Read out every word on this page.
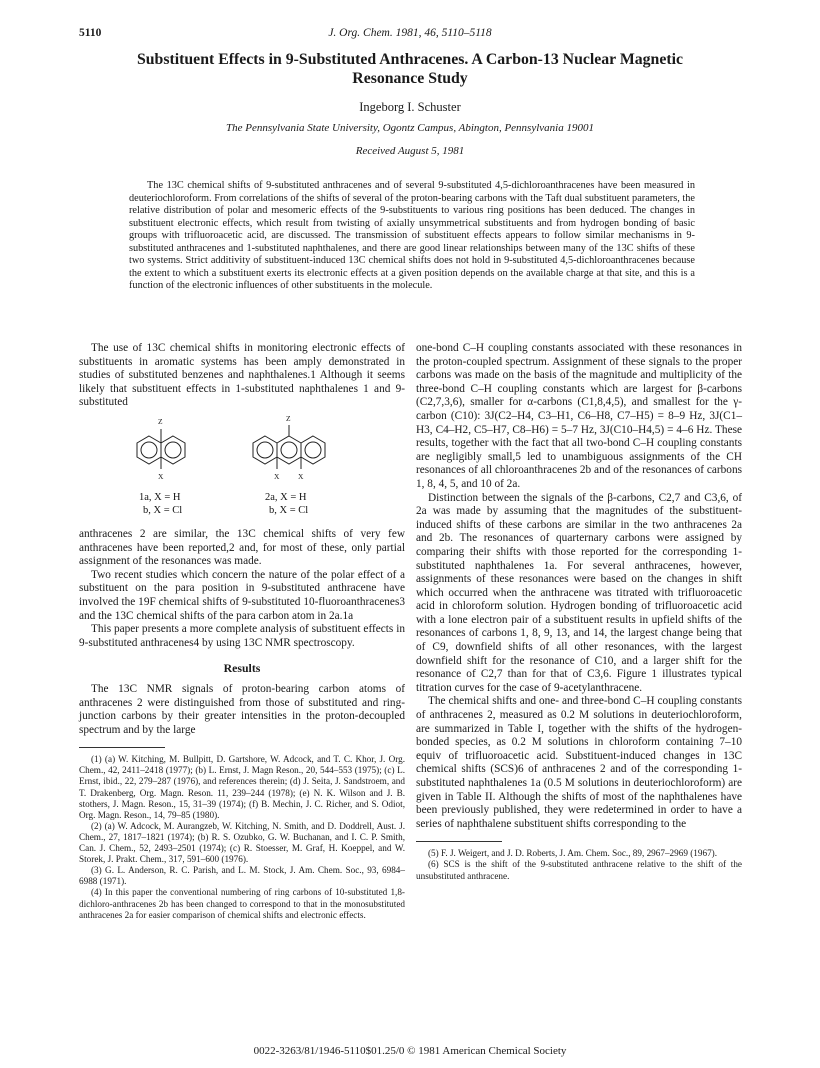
5110	J. Org. Chem. 1981, 46, 5110–5118
Substituent Effects in 9-Substituted Anthracenes. A Carbon-13 Nuclear Magnetic Resonance Study
Ingeborg I. Schuster
The Pennsylvania State University, Ogontz Campus, Abington, Pennsylvania 19001
Received August 5, 1981
The 13C chemical shifts of 9-substituted anthracenes and of several 9-substituted 4,5-dichloroanthracenes have been measured in deuteriochloroform. From correlations of the shifts of several of the proton-bearing carbons with the Taft dual substituent parameters, the relative distribution of polar and mesomeric effects of the 9-substituents to various ring positions has been deduced. The changes in substituent electronic effects, which result from twisting of axially unsymmetrical substituents and from hydrogen bonding of basic groups with trifluoroacetic acid, are discussed. The transmission of substituent effects appears to follow similar mechanisms in 9-substituted anthracenes and 1-substituted naphthalenes, and there are good linear relationships between many of the 13C shifts of these two systems. Strict additivity of substituent-induced 13C chemical shifts does not hold in 9-substituted 4,5-dichloroanthracenes because the extent to which a substituent exerts its electronic effects at a given position depends on the available charge at that site, and this is a function of the electronic influences of other substituents in the molecule.

The use of 13C chemical shifts in monitoring electronic effects of substituents in aromatic systems has been amply demonstrated in studies of substituted benzenes and naphthalenes.1 Although it seems likely that substituent effects in 1-substituted naphthalenes 1 and 9-substituted

Z
X
1a, X = H
b, X = Cl
Z
X X
2a, X = H
b, X = Cl

anthracenes 2 are similar, the 13C chemical shifts of very few anthracenes have been reported,2 and, for most of these, only partial assignment of the resonances was made.

Two recent studies which concern the nature of the polar effect of a substituent on the para position in 9-substituted anthracene have involved the 19F chemical shifts of 9-substituted 10-fluoroanthracenes3 and the 13C chemical shifts of the para carbon atom in 2a.1a

This paper presents a more complete analysis of substituent effects in 9-substituted anthracenes4 by using 13C NMR spectroscopy.

Results

The 13C NMR signals of proton-bearing carbon atoms of anthracenes 2 were distinguished from those of substituted and ring-junction carbons by their greater intensities in the proton-decoupled spectrum and by the large

(1) (a) W. Kitching, M. Bullpitt, D. Gartshore, W. Adcock, and T. C. Khor, J. Org. Chem., 42, 2411–2418 (1977); (b) L. Ernst, J. Magn Reson., 20, 544–553 (1975); (c) L. Ernst, ibid., 22, 279–287 (1976), and references therein; (d) J. Seita, J. Sandstroem, and T. Drakenberg, Org. Magn. Reson. 11, 239–244 (1978); (e) N. K. Wilson and J. B. stothers, J. Magn. Reson., 15, 31–39 (1974); (f) B. Mechin, J. C. Richer, and S. Odiot, Org. Magn. Reson., 14, 79–85 (1980).

(2) (a) W. Adcock, M. Aurangzeb, W. Kitching, N. Smith, and D. Doddrell, Aust. J. Chem., 27, 1817–1821 (1974); (b) R. S. Ozubko, G. W. Buchanan, and I. C. P. Smith, Can. J. Chem., 52, 2493–2501 (1974); (c) R. Stoesser, M. Graf, H. Koeppel, and W. Storek, J. Prakt. Chem., 317, 591–600 (1976).

(3) G. L. Anderson, R. C. Parish, and L. M. Stock, J. Am. Chem. Soc., 93, 6984–6988 (1971).

(4) In this paper the conventional numbering of ring carbons of 10-substituted 1,8-dichloro-anthracenes 2b has been changed to correspond to that in the monosubstituted anthracenes 2a for easier comparison of chemical shifts and electronic effects.

one-bond C–H coupling constants associated with these resonances in the proton-coupled spectrum. Assignment of these signals to the proper carbons was made on the basis of the magnitude and multiplicity of the three-bond C–H coupling constants which are largest for β-carbons (C2,7,3,6), smaller for α-carbons (C1,8,4,5), and smallest for the γ-carbon (C10): 3J(C2–H4, C3–H1, C6–H8, C7–H5) = 8–9 Hz, 3J(C1–H3, C4–H2, C5–H7, C8–H6) = 5–7 Hz, 3J(C10–H4,5) = 4–6 Hz. These results, together with the fact that all two-bond C–H coupling constants are negligibly small,5 led to unambiguous assignments of the CH resonances of all chloroanthracenes 2b and of the resonances of carbons 1, 8, 4, 5, and 10 of 2a.

Distinction between the signals of the β-carbons, C2,7 and C3,6, of 2a was made by assuming that the magnitudes of the substituent-induced shifts of these carbons are similar in the two anthracenes 2a and 2b. The resonances of quarternary carbons were assigned by comparing their shifts with those reported for the corresponding 1-substituted naphthalenes 1a. For several anthracenes, however, assignments of these resonances were based on the changes in shift which occurred when the anthracene was titrated with trifluoroacetic acid in chloroform solution. Hydrogen bonding of trifluoroacetic acid with a lone electron pair of a substituent results in upfield shifts of the resonances of carbons 1, 8, 9, 13, and 14, the largest change being that of C9, downfield shifts of all other resonances, with the largest downfield shift for the resonance of C10, and a larger shift for the resonance of C2,7 than for that of C3,6. Figure 1 illustrates typical titration curves for the case of 9-acetylanthracene.

The chemical shifts and one- and three-bond C–H coupling constants of anthracenes 2, measured as 0.2 M solutions in deuteriochloroform, are summarized in Table I, together with the shifts of the hydrogen-bonded species, as 0.2 M solutions in chloroform containing 7–10 equiv of trifluoroacetic acid. Substituent-induced changes in 13C chemical shifts (SCS)6 of anthracenes 2 and of the corresponding 1-substituted naphthalenes 1a (0.5 M solutions in deuteriochloroform) are given in Table II. Although the shifts of most of the naphthalenes have been previously published, they were redetermined in order to have a series of naphthalene substituent shifts corresponding to the

(5) F. J. Weigert, and J. D. Roberts, J. Am. Chem. Soc., 89, 2967–2969 (1967).

(6) SCS is the shift of the 9-substituted anthracene relative to the shift of the unsubstituted anthracene.

0022-3263/81/1946-5110$01.25/0 © 1981 American Chemical Society
